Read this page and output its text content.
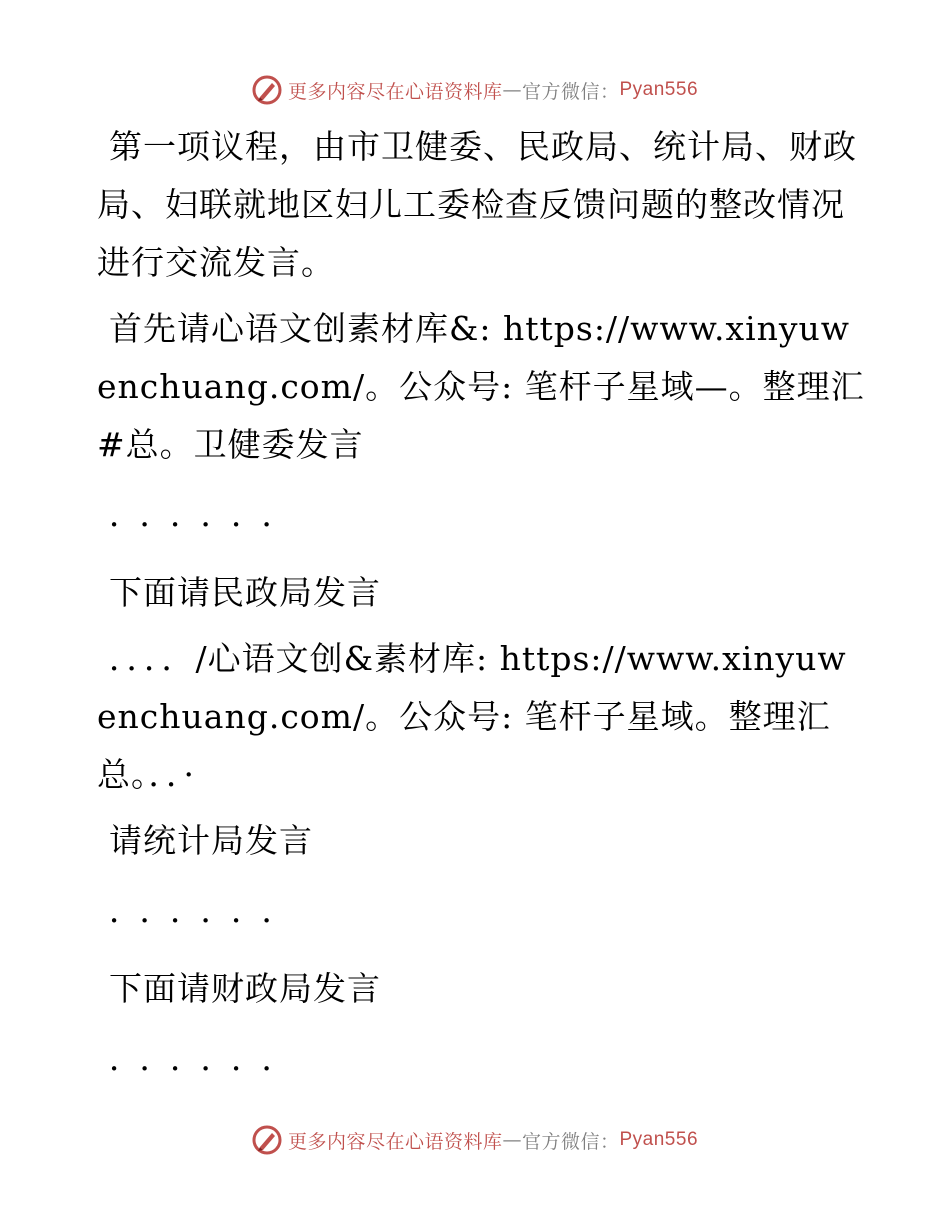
更多内容尽在心语资料库 — 官方微信： Pyan556

第一项议程，由市卫健委、民政局、统计局、财政局、妇联就地区妇儿工委检查反馈问题的整改情况进行交流发言。

首先请心语文创素材库&: https://www.xinyuwenchuang.com/。公众号: 笔杆子星域—。整理汇#总。卫健委发言

．．．．．．

下面请民政局发言

．．．．/心语文创&素材库: https://www.xinyuwenchuang.com/。公众号: 笔杆子星域。整理汇总。．．·

请统计局发言

．．．．．．

下面请财政局发言

．．．．．．

更多内容尽在心语资料库 — 官方微信： Pyan556
